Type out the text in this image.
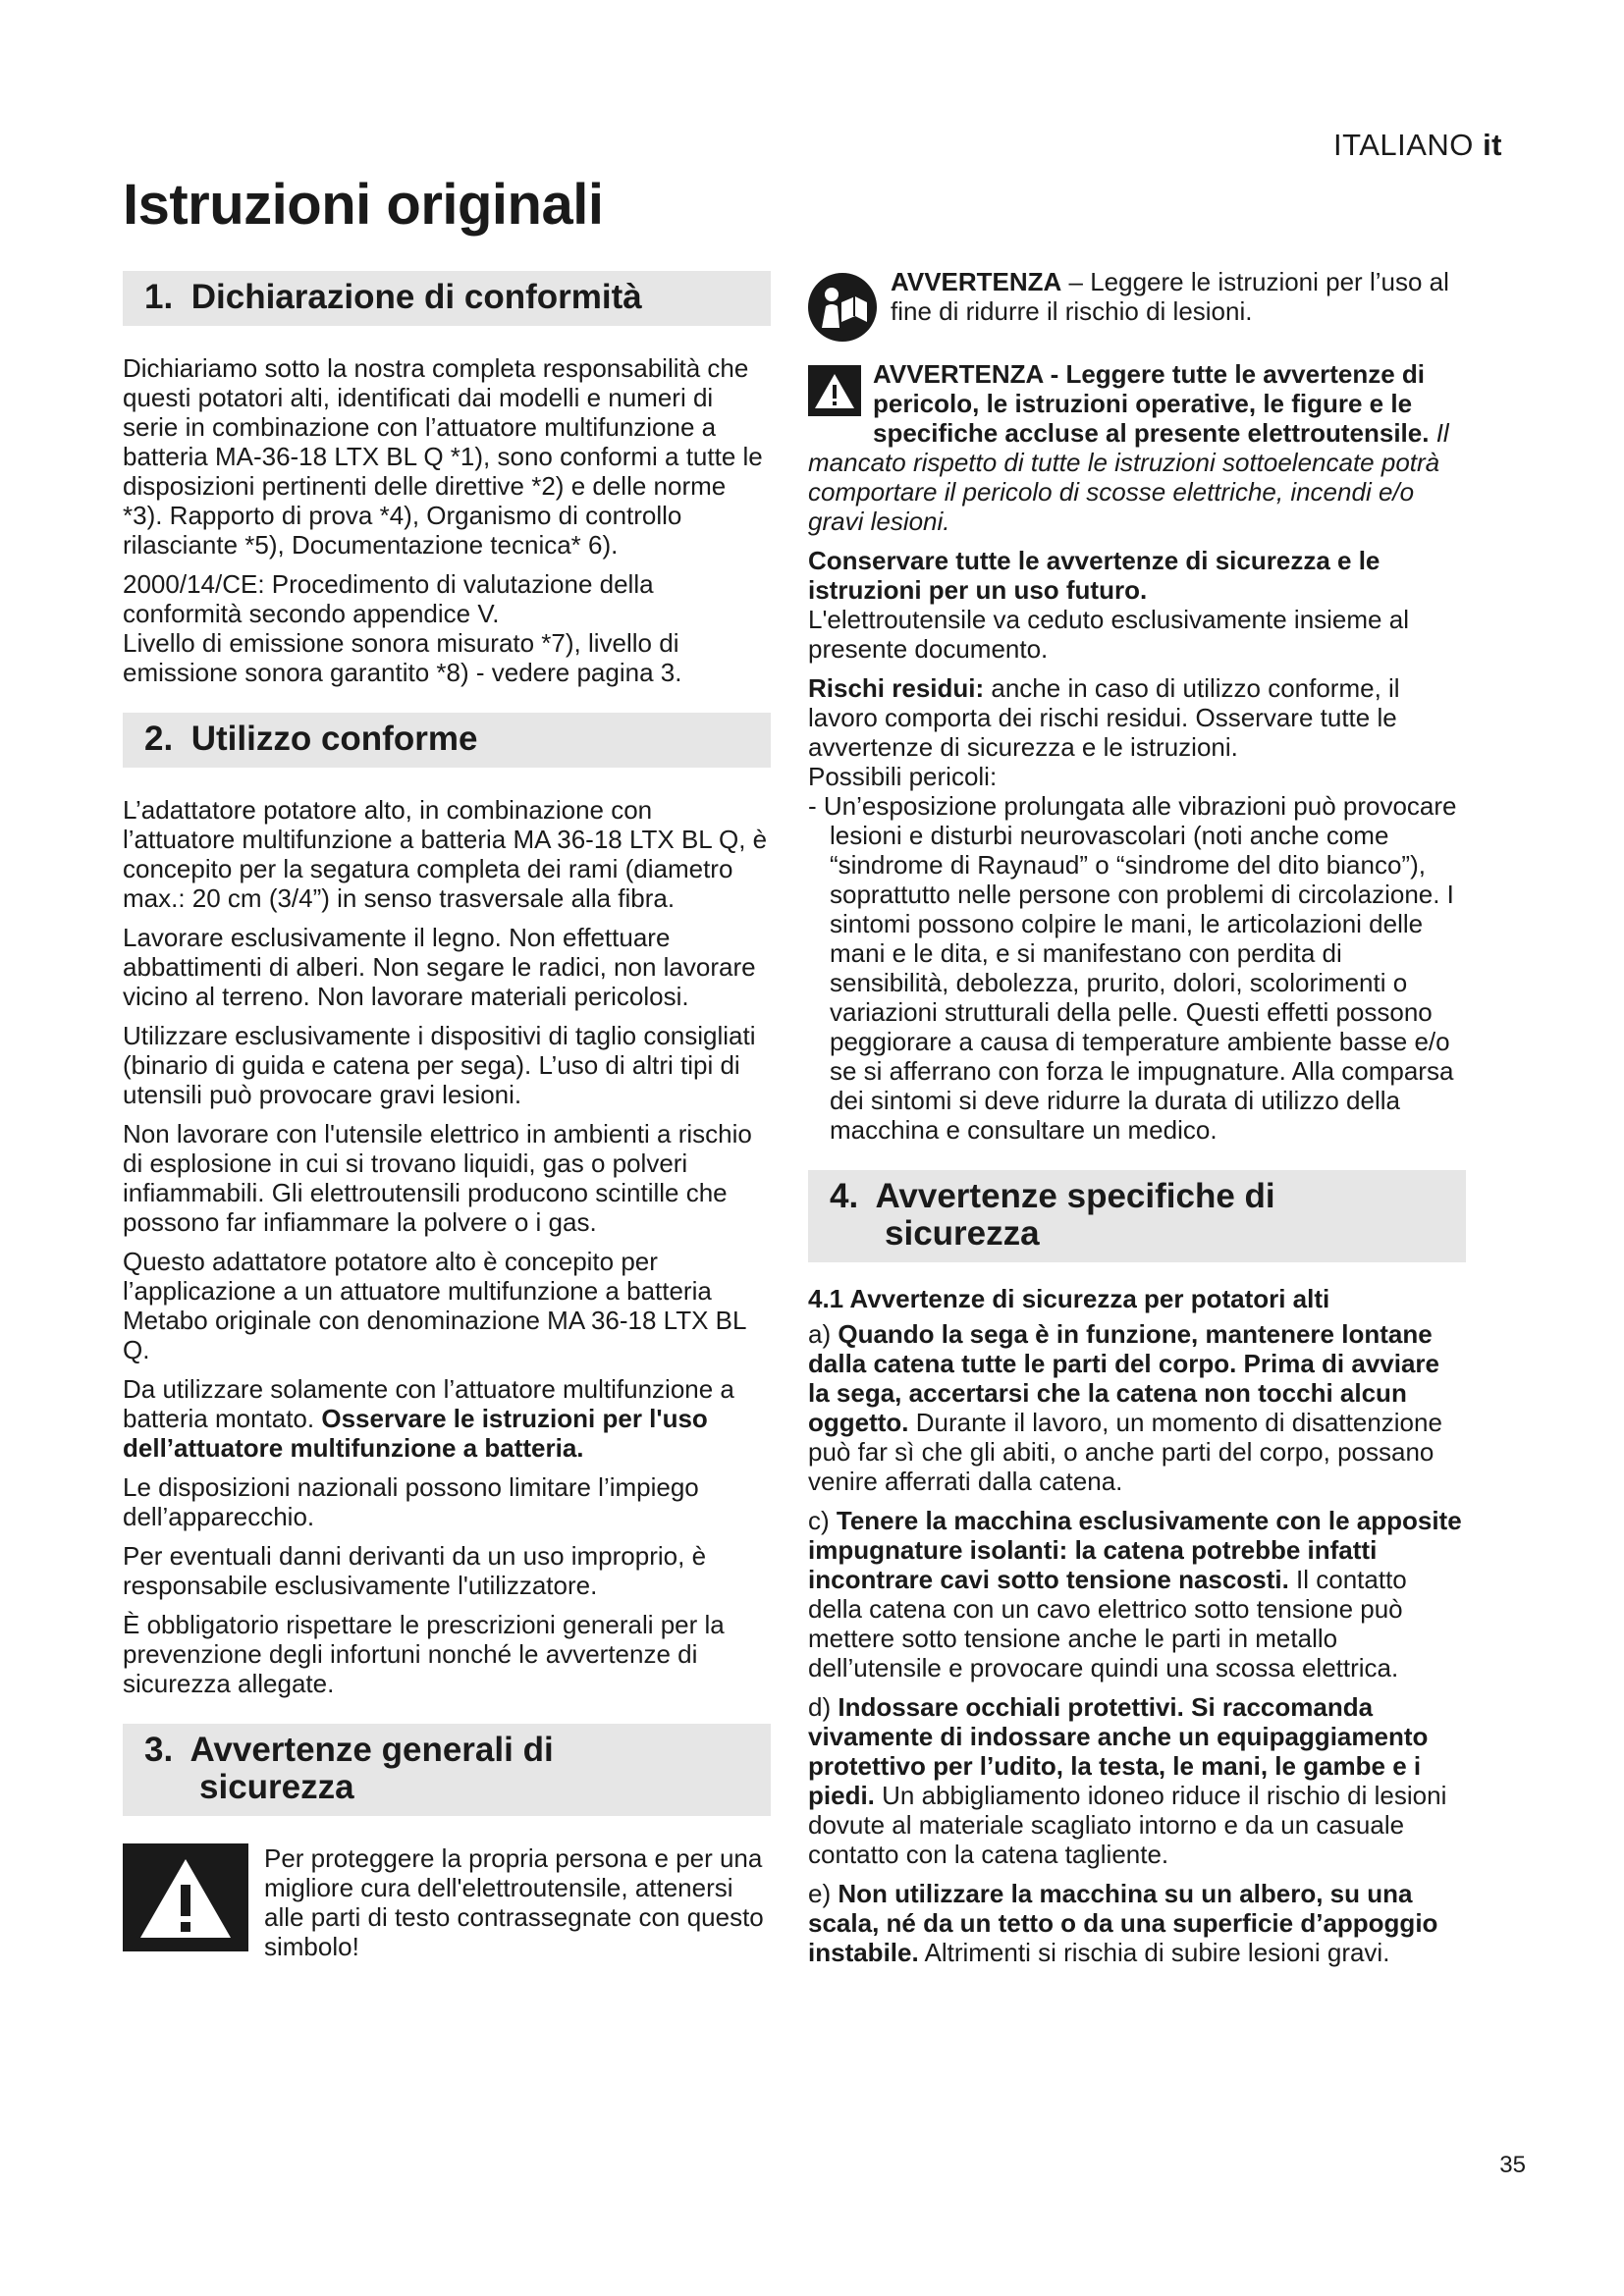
ITALIANO it
Istruzioni originali
1. Dichiarazione di conformità

Dichiariamo sotto la nostra completa responsabilità che questi potatori alti, identificati dai modelli e numeri di serie in combinazione con l’attuatore multifunzione a batteria MA-36-18 LTX BL Q *1), sono conformi a tutte le disposizioni pertinenti delle direttive *2) e delle norme *3). Rapporto di prova *4), Organismo di controllo rilasciante *5), Documentazione tecnica* 6).

2000/14/CE: Procedimento di valutazione della conformità secondo appendice V.

Livello di emissione sonora misurato *7), livello di emissione sonora garantito *8) - vedere pagina 3.

2. Utilizzo conforme

L’adattatore potatore alto, in combinazione con l’attuatore multifunzione a batteria MA 36-18 LTX BL Q, è concepito per la segatura completa dei rami (diametro max.: 20 cm (3/4”) in senso trasversale alla fibra.

Lavorare esclusivamente il legno. Non effettuare abbattimenti di alberi. Non segare le radici, non lavorare vicino al terreno. Non lavorare materiali pericolosi.

Utilizzare esclusivamente i dispositivi di taglio consigliati (binario di guida e catena per sega). L’uso di altri tipi di utensili può provocare gravi lesioni.

Non lavorare con l'utensile elettrico in ambienti a rischio di esplosione in cui si trovano liquidi, gas o polveri infiammabili. Gli elettroutensili producono scintille che possono far infiammare la polvere o i gas.

Questo adattatore potatore alto è concepito per l’applicazione a un attuatore multifunzione a batteria Metabo originale con denominazione MA 36-18 LTX BL Q.

Da utilizzare solamente con l’attuatore multifunzione a batteria montato. Osservare le istruzioni per l'uso dell’attuatore multifunzione a batteria.

Le disposizioni nazionali possono limitare l’impiego dell’apparecchio.

Per eventuali danni derivanti da un uso improprio, è responsabile esclusivamente l'utilizzatore.

È obbligatorio rispettare le prescrizioni generali per la prevenzione degli infortuni nonché le avvertenze di sicurezza allegate.

3. Avvertenze generali di
sicurezza

Per proteggere la propria persona e per una migliore cura dell'elettroutensile, attenersi alle parti di testo contrassegnate con questo simbolo!

AVVERTENZA – Leggere le istruzioni per l’uso al fine di ridurre il rischio di lesioni.

AVVERTENZA - Leggere tutte le avvertenze di pericolo, le istruzioni operative, le figure e le specifiche accluse al presente elettroutensile. Il mancato rispetto di tutte le istruzioni sottoelencate potrà comportare il pericolo di scosse elettriche, incendi e/o gravi lesioni.

Conservare tutte le avvertenze di sicurezza e le istruzioni per un uso futuro.

L'elettroutensile va ceduto esclusivamente insieme al presente documento.

Rischi residui: anche in caso di utilizzo conforme, il lavoro comporta dei rischi residui. Osservare tutte le avvertenze di sicurezza e le istruzioni.

Possibili pericoli:

- Un’esposizione prolungata alle vibrazioni può provocare lesioni e disturbi neurovascolari (noti anche come “sindrome di Raynaud” o “sindrome del dito bianco”), soprattutto nelle persone con problemi di circolazione. I sintomi possono colpire le mani, le articolazioni delle mani e le dita, e si manifestano con perdita di sensibilità, debolezza, prurito, dolori, scolorimenti o variazioni strutturali della pelle. Questi effetti possono peggiorare a causa di temperature ambiente basse e/o se si afferrano con forza le impugnature. Alla comparsa dei sintomi si deve ridurre la durata di utilizzo della macchina e consultare un medico.

4. Avvertenze specifiche di
sicurezza
4.1 Avvertenze di sicurezza per potatori alti

a) Quando la sega è in funzione, mantenere lontane dalla catena tutte le parti del corpo. Prima di avviare la sega, accertarsi che la catena non tocchi alcun oggetto. Durante il lavoro, un momento di disattenzione può far sì che gli abiti, o anche parti del corpo, possano venire afferrati dalla catena.

c) Tenere la macchina esclusivamente con le apposite impugnature isolanti: la catena potrebbe infatti incontrare cavi sotto tensione nascosti. Il contatto della catena con un cavo elettrico sotto tensione può mettere sotto tensione anche le parti in metallo dell’utensile e provocare quindi una scossa elettrica.

d) Indossare occhiali protettivi. Si raccomanda vivamente di indossare anche un equipaggiamento protettivo per l’udito, la testa, le mani, le gambe e i piedi. Un abbigliamento idoneo riduce il rischio di lesioni dovute al materiale scagliato intorno e da un casuale contatto con la catena tagliente.

e) Non utilizzare la macchina su un albero, su una scala, né da un tetto o da una superficie d’appoggio instabile. Altrimenti si rischia di subire lesioni gravi.

35
